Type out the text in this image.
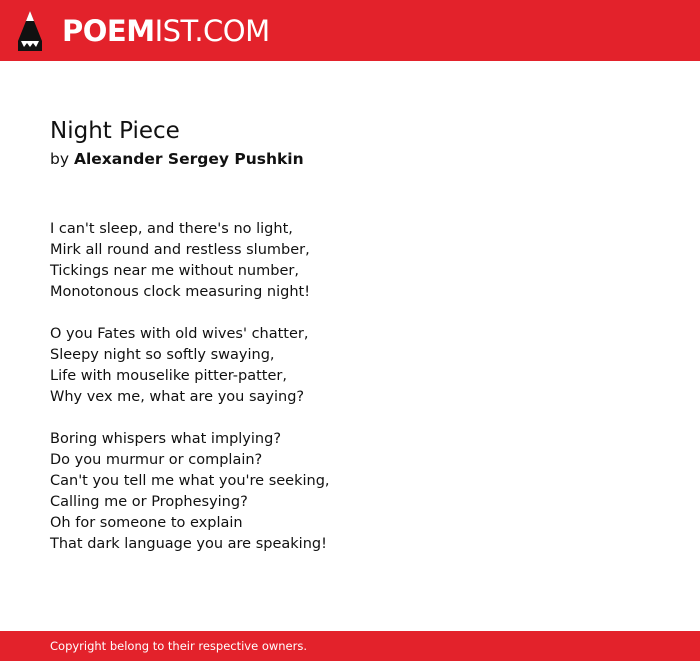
POEMIST.COM
Night Piece
by Alexander Sergey Pushkin

I can't sleep, and there's no light,
Mirk all round and restless slumber,
Tickings near me without number,
Monotonous clock measuring night!

O you Fates with old wives' chatter,
Sleepy night so softly swaying,
Life with mouselike pitter-patter,
Why vex me, what are you saying?

Boring whispers what implying?
Do you murmur or complain?
Can't you tell me what you're seeking,
Calling me or Prophesying?
Oh for someone to explain
That dark language you are speaking!

Copyright belong to their respective owners.
